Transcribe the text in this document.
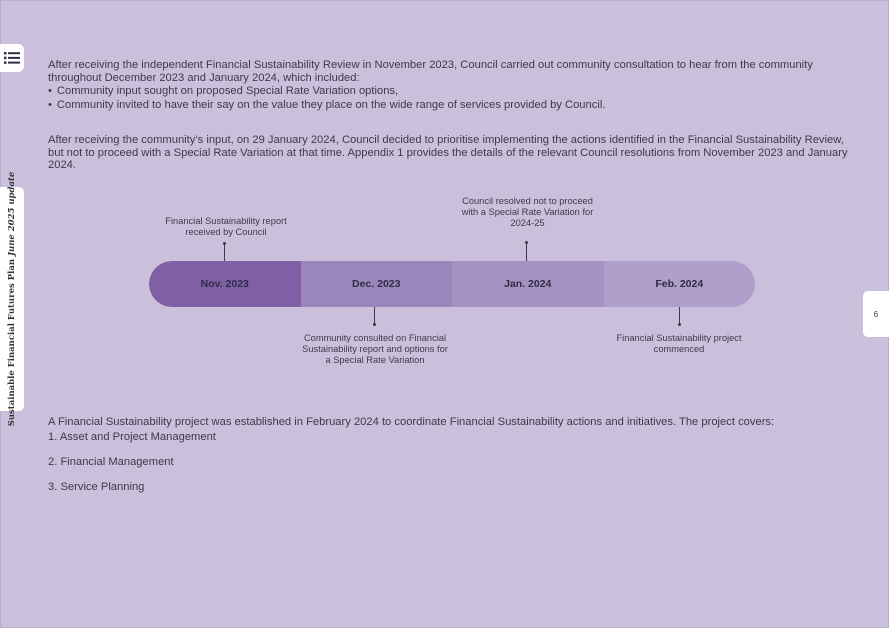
Sustainable Financial Futures Plan June 2025 update
6

After receiving the independent Financial Sustainability Review in November 2023, Council carried out community consultation to hear from the community throughout December 2023 and January 2024, which included:

• Community input sought on proposed Special Rate Variation options,
• Community invited to have their say on the value they place on the wide range of services provided by Council.

After receiving the community’s input, on 29 January 2024, Council decided to prioritise implementing the actions identified in the Financial Sustainability Review, but not to proceed with a Special Rate Variation at that time. Appendix 1 provides the details of the relevant Council resolutions from November 2023 and January 2024.

Financial Sustainability report received by Council
Council resolved not to proceed with a Special Rate Variation for 2024-25
Nov. 2023	Dec. 2023	Jan. 2024	Feb. 2024
Community consulted on Financial Sustainability report and options for a Special Rate Variation
Financial Sustainability project commenced

A Financial Sustainability project was established in February 2024 to coordinate Financial Sustainability actions and initiatives. The project covers:

1. Asset and Project Management
2. Financial Management
3. Service Planning
